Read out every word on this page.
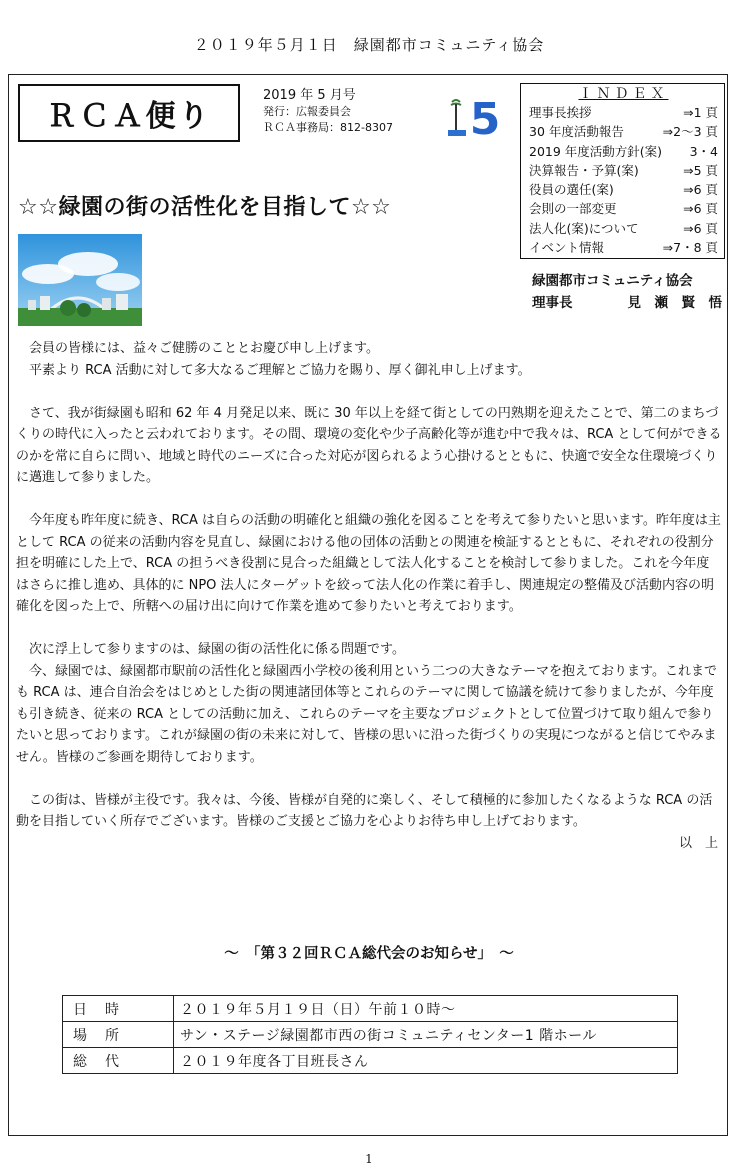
２０１９年５月１日　緑園都市コミュニティ協会
ＲＣＡ便り
2019 年 5 月号
発行：広報委員会
ＲＣＡ事務局：812-8307 5	ＩＮＤＥＸ
理事長挨拶	⇒1 頁
30 年度活動報告	⇒2～3 頁
2019 年度活動方針(案)	3・4
決算報告・予算(案)	⇒5 頁
役員の選任(案)	⇒6 頁
会則の一部変更	⇒6 頁
法人化(案)について	⇒6 頁
イベント情報	⇒7・8 頁
☆☆緑園の街の活性化を目指して☆☆
緑園都市コミュニティ協会
理事長	見　瀬　賢　悟

会員の皆様には、益々ご健勝のこととお慶び申し上げます。

平素より RCA 活動に対して多大なるご理解とご協力を賜り、厚く御礼申し上げます。

さて、我が街緑園も昭和 62 年 4 月発足以来、既に 30 年以上を経て街としての円熟期を迎えたことで、第二のまちづくりの時代に入ったと云われております。その間、環境の変化や少子高齢化等が進む中で我々は、RCA として何ができるのかを常に自らに問い、地域と時代のニーズに合った対応が図られるよう心掛けるとともに、快適で安全な住環境づくりに邁進して参りました。

今年度も昨年度に続き、RCA は自らの活動の明確化と組織の強化を図ることを考えて参りたいと思います。昨年度は主として RCA の従来の活動内容を見直し、緑園における他の団体の活動との関連を検証するとともに、それぞれの役割分担を明確にした上で、RCA の担うべき役割に見合った組織として法人化することを検討して参りました。これを今年度はさらに推し進め、具体的に NPO 法人にターゲットを絞って法人化の作業に着手し、関連規定の整備及び活動内容の明確化を図った上で、所轄への届け出に向けて作業を進めて参りたいと考えております。

次に浮上して参りますのは、緑園の街の活性化に係る問題です。

今、緑園では、緑園都市駅前の活性化と緑園西小学校の後利用という二つの大きなテーマを抱えております。これまでも RCA は、連合自治会をはじめとした街の関連諸団体等とこれらのテーマに関して協議を続けて参りましたが、今年度も引き続き、従来の RCA としての活動に加え、これらのテーマを主要なプロジェクトとして位置づけて取り組んで参りたいと思っております。これが緑園の街の未来に対して、皆様の思いに沿った街づくりの実現につながると信じてやみません。皆様のご参画を期待しております。

この街は、皆様が主役です。我々は、今後、皆様が自発的に楽しく、そして積極的に参加したくなるような RCA の活動を目指していく所存でございます。皆様のご支援とご協力を心よりお待ち申し上げております。

以　上

～　「第３２回ＲＣＡ総代会のお知らせ」　～
日時	２０１９年５月１９日（日）午前１０時～
場所	サン・ステージ緑園都市西の街コミュニティセンター1 階ホール
総代	２０１９年度各丁目班長さん
1
